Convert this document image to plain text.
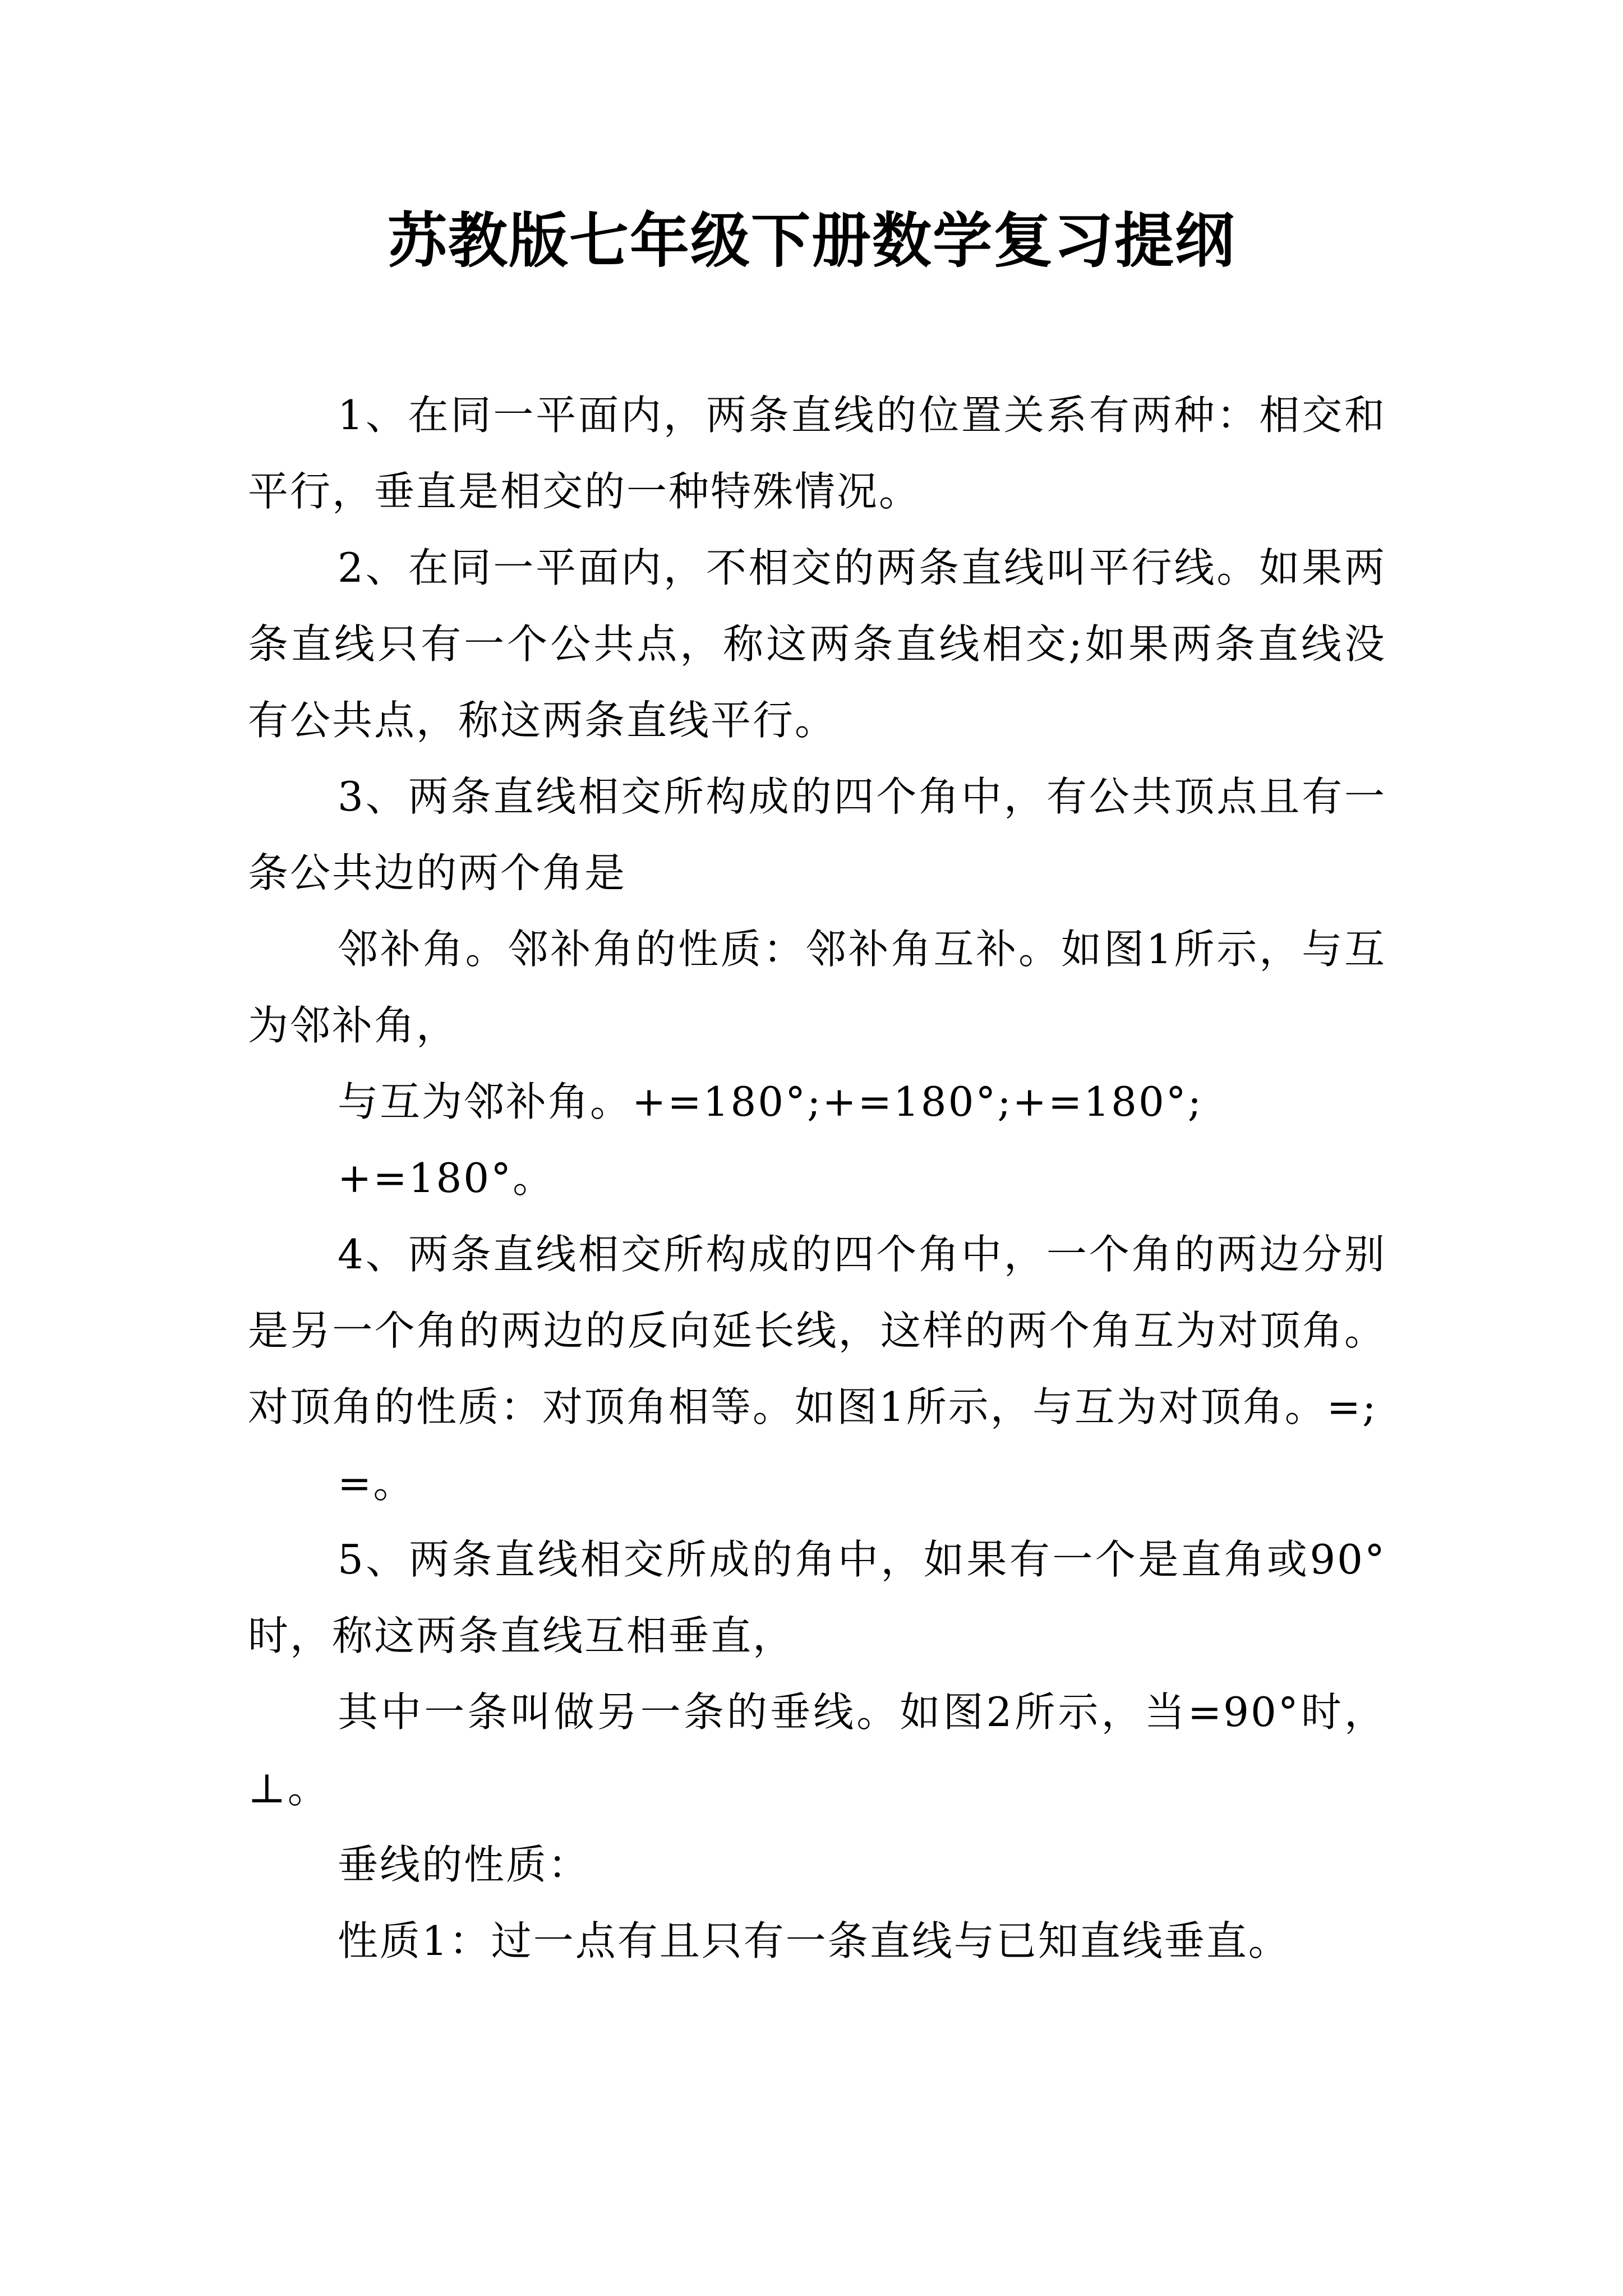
苏教版七年级下册数学复习提纲

1、在同一平面内，两条直线的位置关系有两种：相交和平行，垂直是相交的一种特殊情况。

2、在同一平面内，不相交的两条直线叫平行线。如果两条直线只有一个公共点，称这两条直线相交;如果两条直线没有公共点，称这两条直线平行。

3、两条直线相交所构成的四个角中，有公共顶点且有一条公共边的两个角是

邻补角。邻补角的性质：邻补角互补。如图1所示，与互为邻补角，

与互为邻补角。+=180°;+=180°;+=180°;

+=180°。

4、两条直线相交所构成的四个角中，一个角的两边分别是另一个角的两边的反向延长线，这样的两个角互为对顶角。对顶角的性质：对顶角相等。如图1所示，与互为对顶角。=;

=。

5、两条直线相交所成的角中，如果有一个是直角或90°时，称这两条直线互相垂直，

其中一条叫做另一条的垂线。如图2所示，当=90°时，⊥。

垂线的性质：

性质1：过一点有且只有一条直线与已知直线垂直。
